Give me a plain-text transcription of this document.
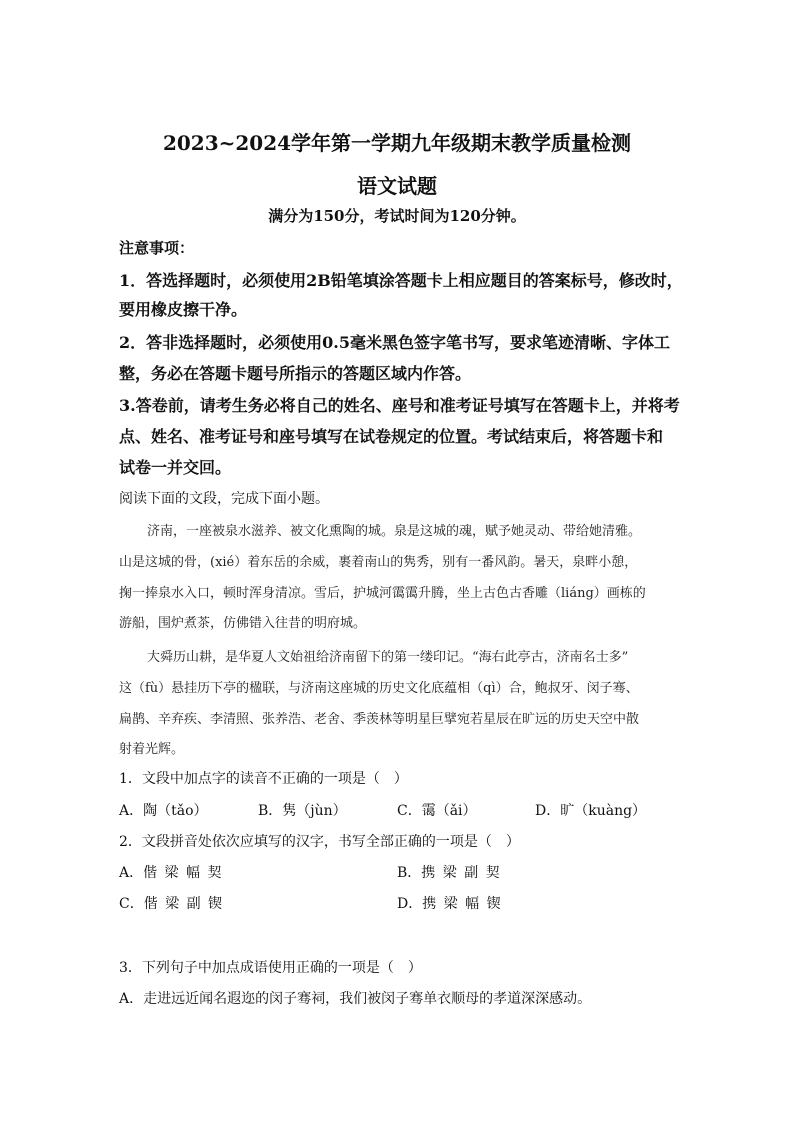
2023~2024学年第一学期九年级期末教学质量检测
语文试题
满分为150分，考试时间为120分钟。
注意事项：
1．答选择题时，必须使用2B铅笔填涂答题卡上相应题目的答案标号，修改时，
要用橡皮擦干净。
2．答非选择题时，必须使用0.5毫米黑色签字笔书写，要求笔迹清晰、字体工
整，务必在答题卡题号所指示的答题区域内作答。
3.答卷前，请考生务必将自己的姓名、座号和准考证号填写在答题卡上，并将考
点、姓名、准考证号和座号填写在试卷规定的位置。考试结束后，将答题卡和
试卷一并交回。
阅读下面的文段，完成下面小题。
济南，一座被泉水滋养、被文化熏陶的城。泉是这城的魂，赋予她灵动、带给她清雅。
山是这城的骨，(xié）着东岳的余威，裹着南山的隽秀，别有一番风韵。暑天，泉畔小憩，
掬一捧泉水入口，顿时浑身清凉。雪后，护城河霭霭升腾，坐上古色古香雕（liáng）画栋的
游船，围炉煮茶，仿佛错入往昔的明府城。
大舜历山耕，是华夏人文始祖给济南留下的第一缕印记。“海右此亭古，济南名士多”
这（fù）悬挂历下亭的楹联，与济南这座城的历史文化底蕴相（qì）合，鲍叔牙、闵子骞、
扁鹊、辛弃疾、李清照、张养浩、老舍、季羡林等明星巨擘宛若星辰在旷远的历史天空中散
射着光辉。
1．文段中加点字的读音不正确的一项是（　）
A．陶（tǎo）	B．隽（jùn）	C．霭（ǎi）	D．旷（kuàng）
2．文段拼音处依次应填写的汉字，书写全部正确的一项是（　）
A．偕 梁 幅 契	B．携 梁 副 契
C．偕 梁 副 锲	D．携 梁 幅 锲
3．下列句子中加点成语使用正确的一项是（　）
A．走进远近闻名遐迩的闵子骞祠，我们被闵子骞单衣顺母的孝道深深感动。
